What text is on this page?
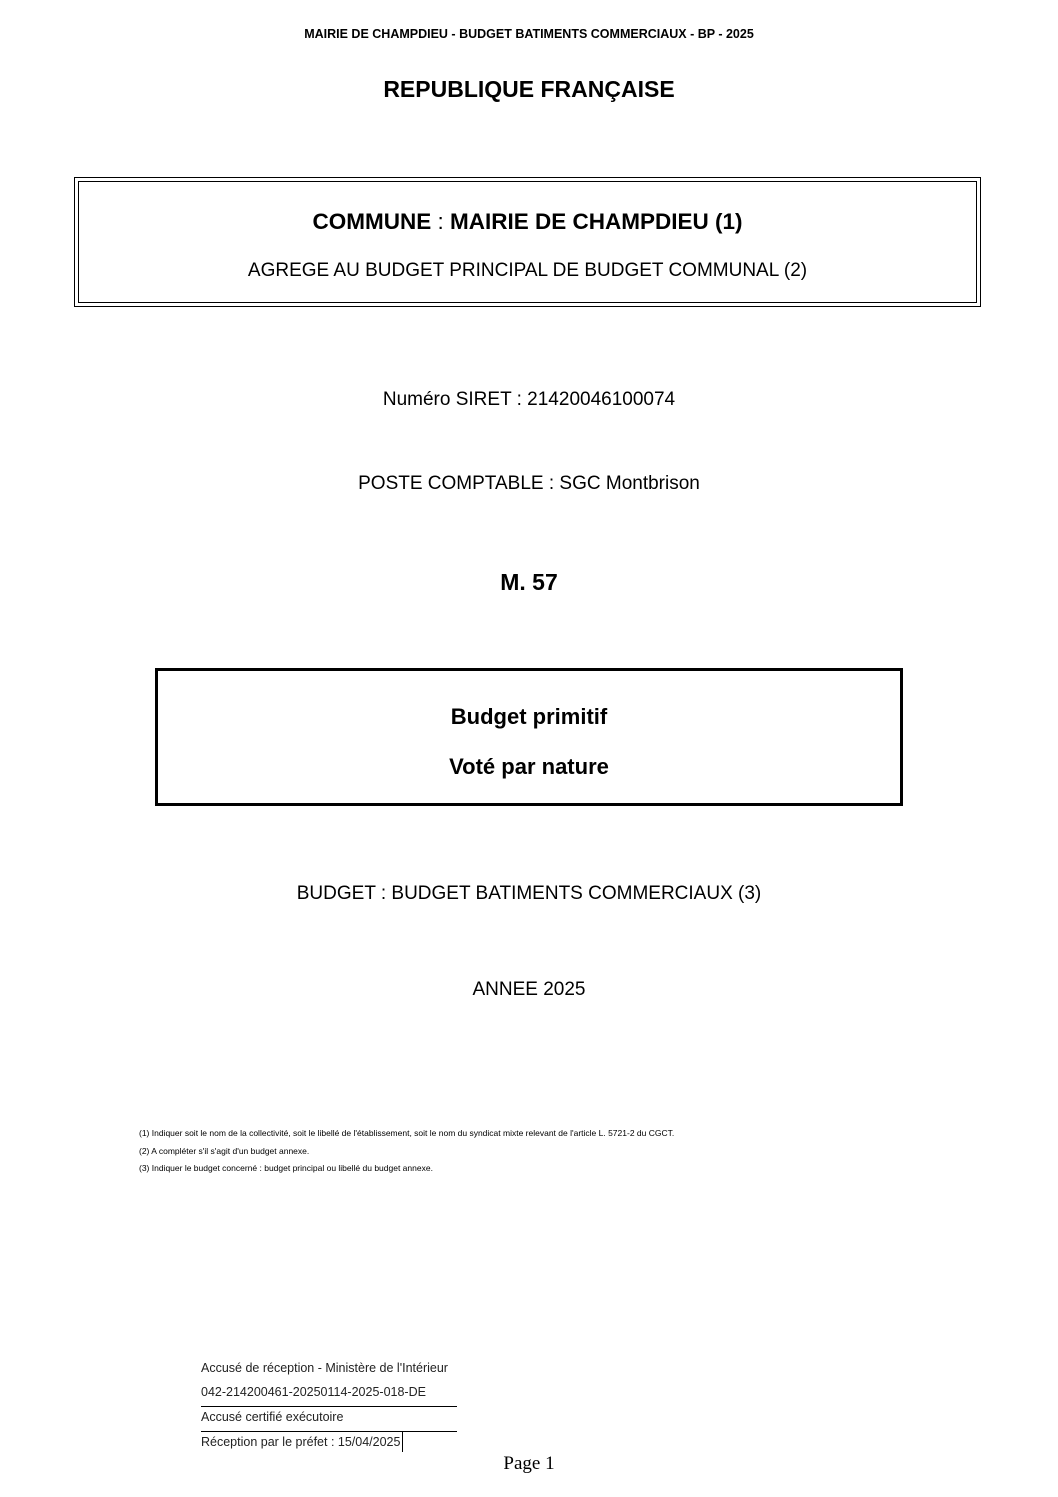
MAIRIE DE CHAMPDIEU - BUDGET BATIMENTS COMMERCIAUX - BP - 2025
REPUBLIQUE FRANÇAISE
COMMUNE : MAIRIE DE CHAMPDIEU (1)
AGREGE AU BUDGET PRINCIPAL DE BUDGET COMMUNAL (2)
Numéro SIRET : 21420046100074
POSTE COMPTABLE : SGC Montbrison
M. 57
Budget primitif
Voté par nature
BUDGET : BUDGET BATIMENTS COMMERCIAUX (3)
ANNEE 2025
(1) Indiquer soit le nom de la collectivité, soit le libellé de l'établissement, soit le nom du syndicat mixte relevant de l'article L. 5721-2 du CGCT.
(2) A compléter s'il s'agit d'un budget annexe.
(3) Indiquer le budget concerné : budget principal ou libellé du budget annexe.
Accusé de réception - Ministère de l'Intérieur
042-214200461-20250114-2025-018-DE
Accusé certifié exécutoire
Réception par le préfet : 15/04/2025
Page 1
